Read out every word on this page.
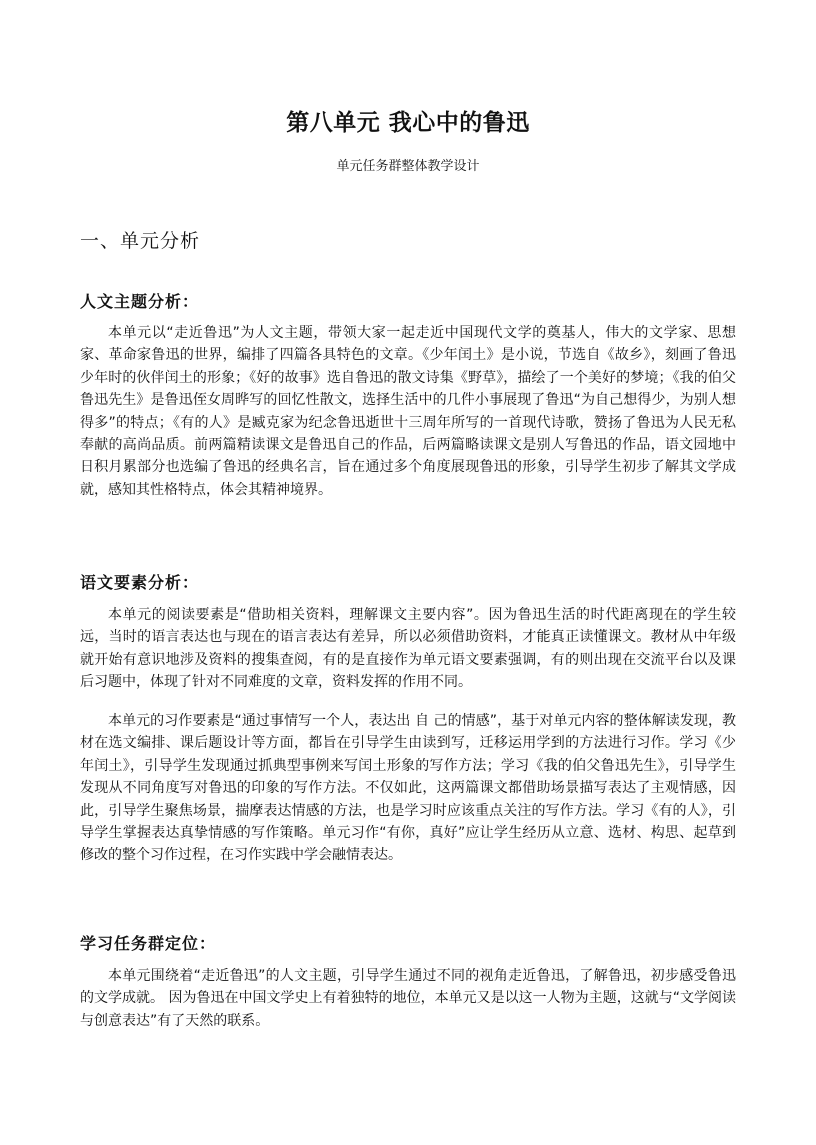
第八单元 我心中的鲁迅
单元任务群整体教学设计
一、单元分析
人文主题分析：

本单元以“走近鲁迅”为人文主题，带领大家一起走近中国现代文学的奠基人，伟大的文学家、思想家、革命家鲁迅的世界，编排了四篇各具特色的文章。《少年闰土》是小说，节选自《故乡》，刻画了鲁迅少年时的伙伴闰土的形象；《好的故事》选自鲁迅的散文诗集《野草》，描绘了一个美好的梦境；《我的伯父鲁迅先生》是鲁迅侄女周晔写的回忆性散文，选择生活中的几件小事展现了鲁迅“为自己想得少，为别人想得多”的特点；《有的人》是臧克家为纪念鲁迅逝世十三周年所写的一首现代诗歌，赞扬了鲁迅为人民无私奉献的高尚品质。前两篇精读课文是鲁迅自己的作品，后两篇略读课文是别人写鲁迅的作品，语文园地中 日积月累部分也选编了鲁迅的经典名言，旨在通过多个角度展现鲁迅的形象，引导学生初步了解其文学成就，感知其性格特点，体会其精神境界。

语文要素分析：

本单元的阅读要素是“借助相关资料，理解课文主要内容”。因为鲁迅生活的时代距离现在的学生较远，当时的语言表达也与现在的语言表达有差异，所以必须借助资料，才能真正读懂课文。教材从中年级就开始有意识地涉及资料的搜集查阅，有的是直接作为单元语文要素强调，有的则出现在交流平台以及课后习题中，体现了针对不同难度的文章，资料发挥的作用不同。

本单元的习作要素是“通过事情写一个人，表达出 自 己的情感”，基于对单元内容的整体解读发现，教材在选文编排、课后题设计等方面，都旨在引导学生由读到写，迁移运用学到的方法进行习作。学习《少年闰土》，引导学生发现通过抓典型事例来写闰土形象的写作方法；学习《我的伯父鲁迅先生》，引导学生发现从不同角度写对鲁迅的印象的写作方法。不仅如此，这两篇课文都借助场景描写表达了主观情感，因此，引导学生聚焦场景，揣摩表达情感的方法，也是学习时应该重点关注的写作方法。学习《有的人》，引导学生掌握表达真挚情感的写作策略。单元习作“有你，真好”应让学生经历从立意、选材、构思、起草到修改的整个习作过程，在习作实践中学会融情表达。

学习任务群定位：

本单元围绕着“走近鲁迅”的人文主题，引导学生通过不同的视角走近鲁迅，了解鲁迅，初步感受鲁迅的文学成就。 因为鲁迅在中国文学史上有着独特的地位，本单元又是以这一人物为主题，这就与“文学阅读与创意表达”有了天然的联系。
